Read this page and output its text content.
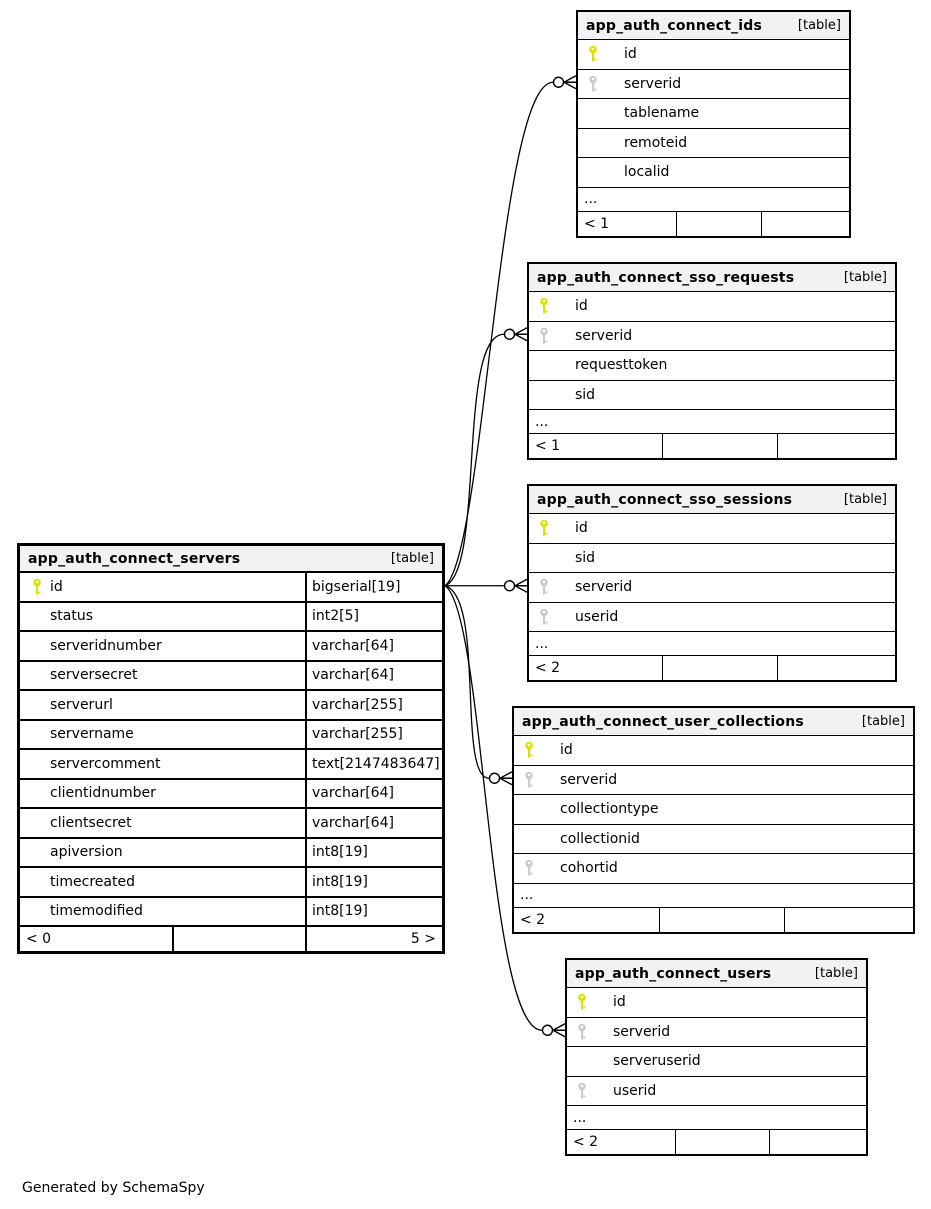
Generated by SchemaSpy
app_auth_connect_servers	[table]
id	bigserial[19]
status	int2[5]
serveridnumber	varchar[64]
serversecret	varchar[64]
serverurl	varchar[255]
servername	varchar[255]
servercomment	text[2147483647]
clientidnumber	varchar[64]
clientsecret	varchar[64]
apiversion	int8[19]
timecreated	int8[19]
timemodified	int8[19]
< 0	5 >
app_auth_connect_ids	[table]
id
serverid
tablename
remoteid
localid
...
< 1
app_auth_connect_sso_requests	[table]
id
serverid
requesttoken
sid
...
< 1
app_auth_connect_sso_sessions	[table]
id
sid
serverid
userid
...
< 2
app_auth_connect_user_collections	[table]
id
serverid
collectiontype
collectionid
cohortid
...
< 2
app_auth_connect_users	[table]
id
serverid
serveruserid
userid
...
< 2
